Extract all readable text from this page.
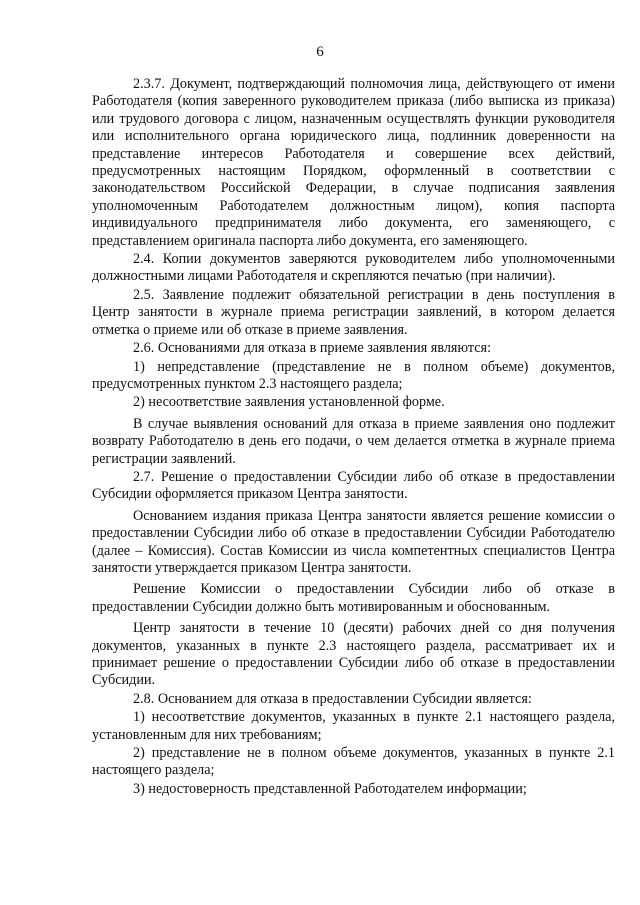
6

2.3.7. Документ, подтверждающий полномочия лица, действующего от имени Работодателя (копия заверенного руководителем приказа (либо выписка из приказа) или трудового договора с лицом, назначенным осуществлять функции руководителя или исполнительного органа юридического лица, подлинник доверенности на представление интересов Работодателя и совершение всех действий, предусмотренных настоящим Порядком, оформленный в соответствии с законодательством Российской Федерации, в случае подписания заявления уполномоченным Работодателем должностным лицом), копия паспорта индивидуального предпринимателя либо документа, его заменяющего, с представлением оригинала паспорта либо документа, его заменяющего.

2.4. Копии документов заверяются руководителем либо уполномоченными должностными лицами Работодателя и скрепляются печатью (при наличии).

2.5. Заявление подлежит обязательной регистрации в день поступления в Центр занятости в журнале приема регистрации заявлений, в котором делается отметка о приеме или об отказе в приеме заявления.

2.6. Основаниями для отказа в приеме заявления являются:

1) непредставление (представление не в полном объеме) документов, предусмотренных пунктом 2.3 настоящего раздела;

2) несоответствие заявления установленной форме.

В случае выявления оснований для отказа в приеме заявления оно подлежит возврату Работодателю в день его подачи, о чем делается отметка в журнале приема регистрации заявлений.

2.7. Решение о предоставлении Субсидии либо об отказе в предоставлении Субсидии оформляется приказом Центра занятости.

Основанием издания приказа Центра занятости является решение комиссии о предоставлении Субсидии либо об отказе в предоставлении Субсидии Работодателю (далее – Комиссия). Состав Комиссии из числа компетентных специалистов Центра занятости утверждается приказом Центра занятости.

Решение Комиссии о предоставлении Субсидии либо об отказе в предоставлении Субсидии должно быть мотивированным и обоснованным.

Центр занятости в течение 10 (десяти) рабочих дней со дня получения документов, указанных в пункте 2.3 настоящего раздела, рассматривает их и принимает решение о предоставлении Субсидии либо об отказе в предоставлении Субсидии.

2.8. Основанием для отказа в предоставлении Субсидии является:

1) несоответствие документов, указанных в пункте 2.1 настоящего раздела, установленным для них требованиям;

2) представление не в полном объеме документов, указанных в пункте 2.1 настоящего раздела;

3) недостоверность представленной Работодателем информации;
